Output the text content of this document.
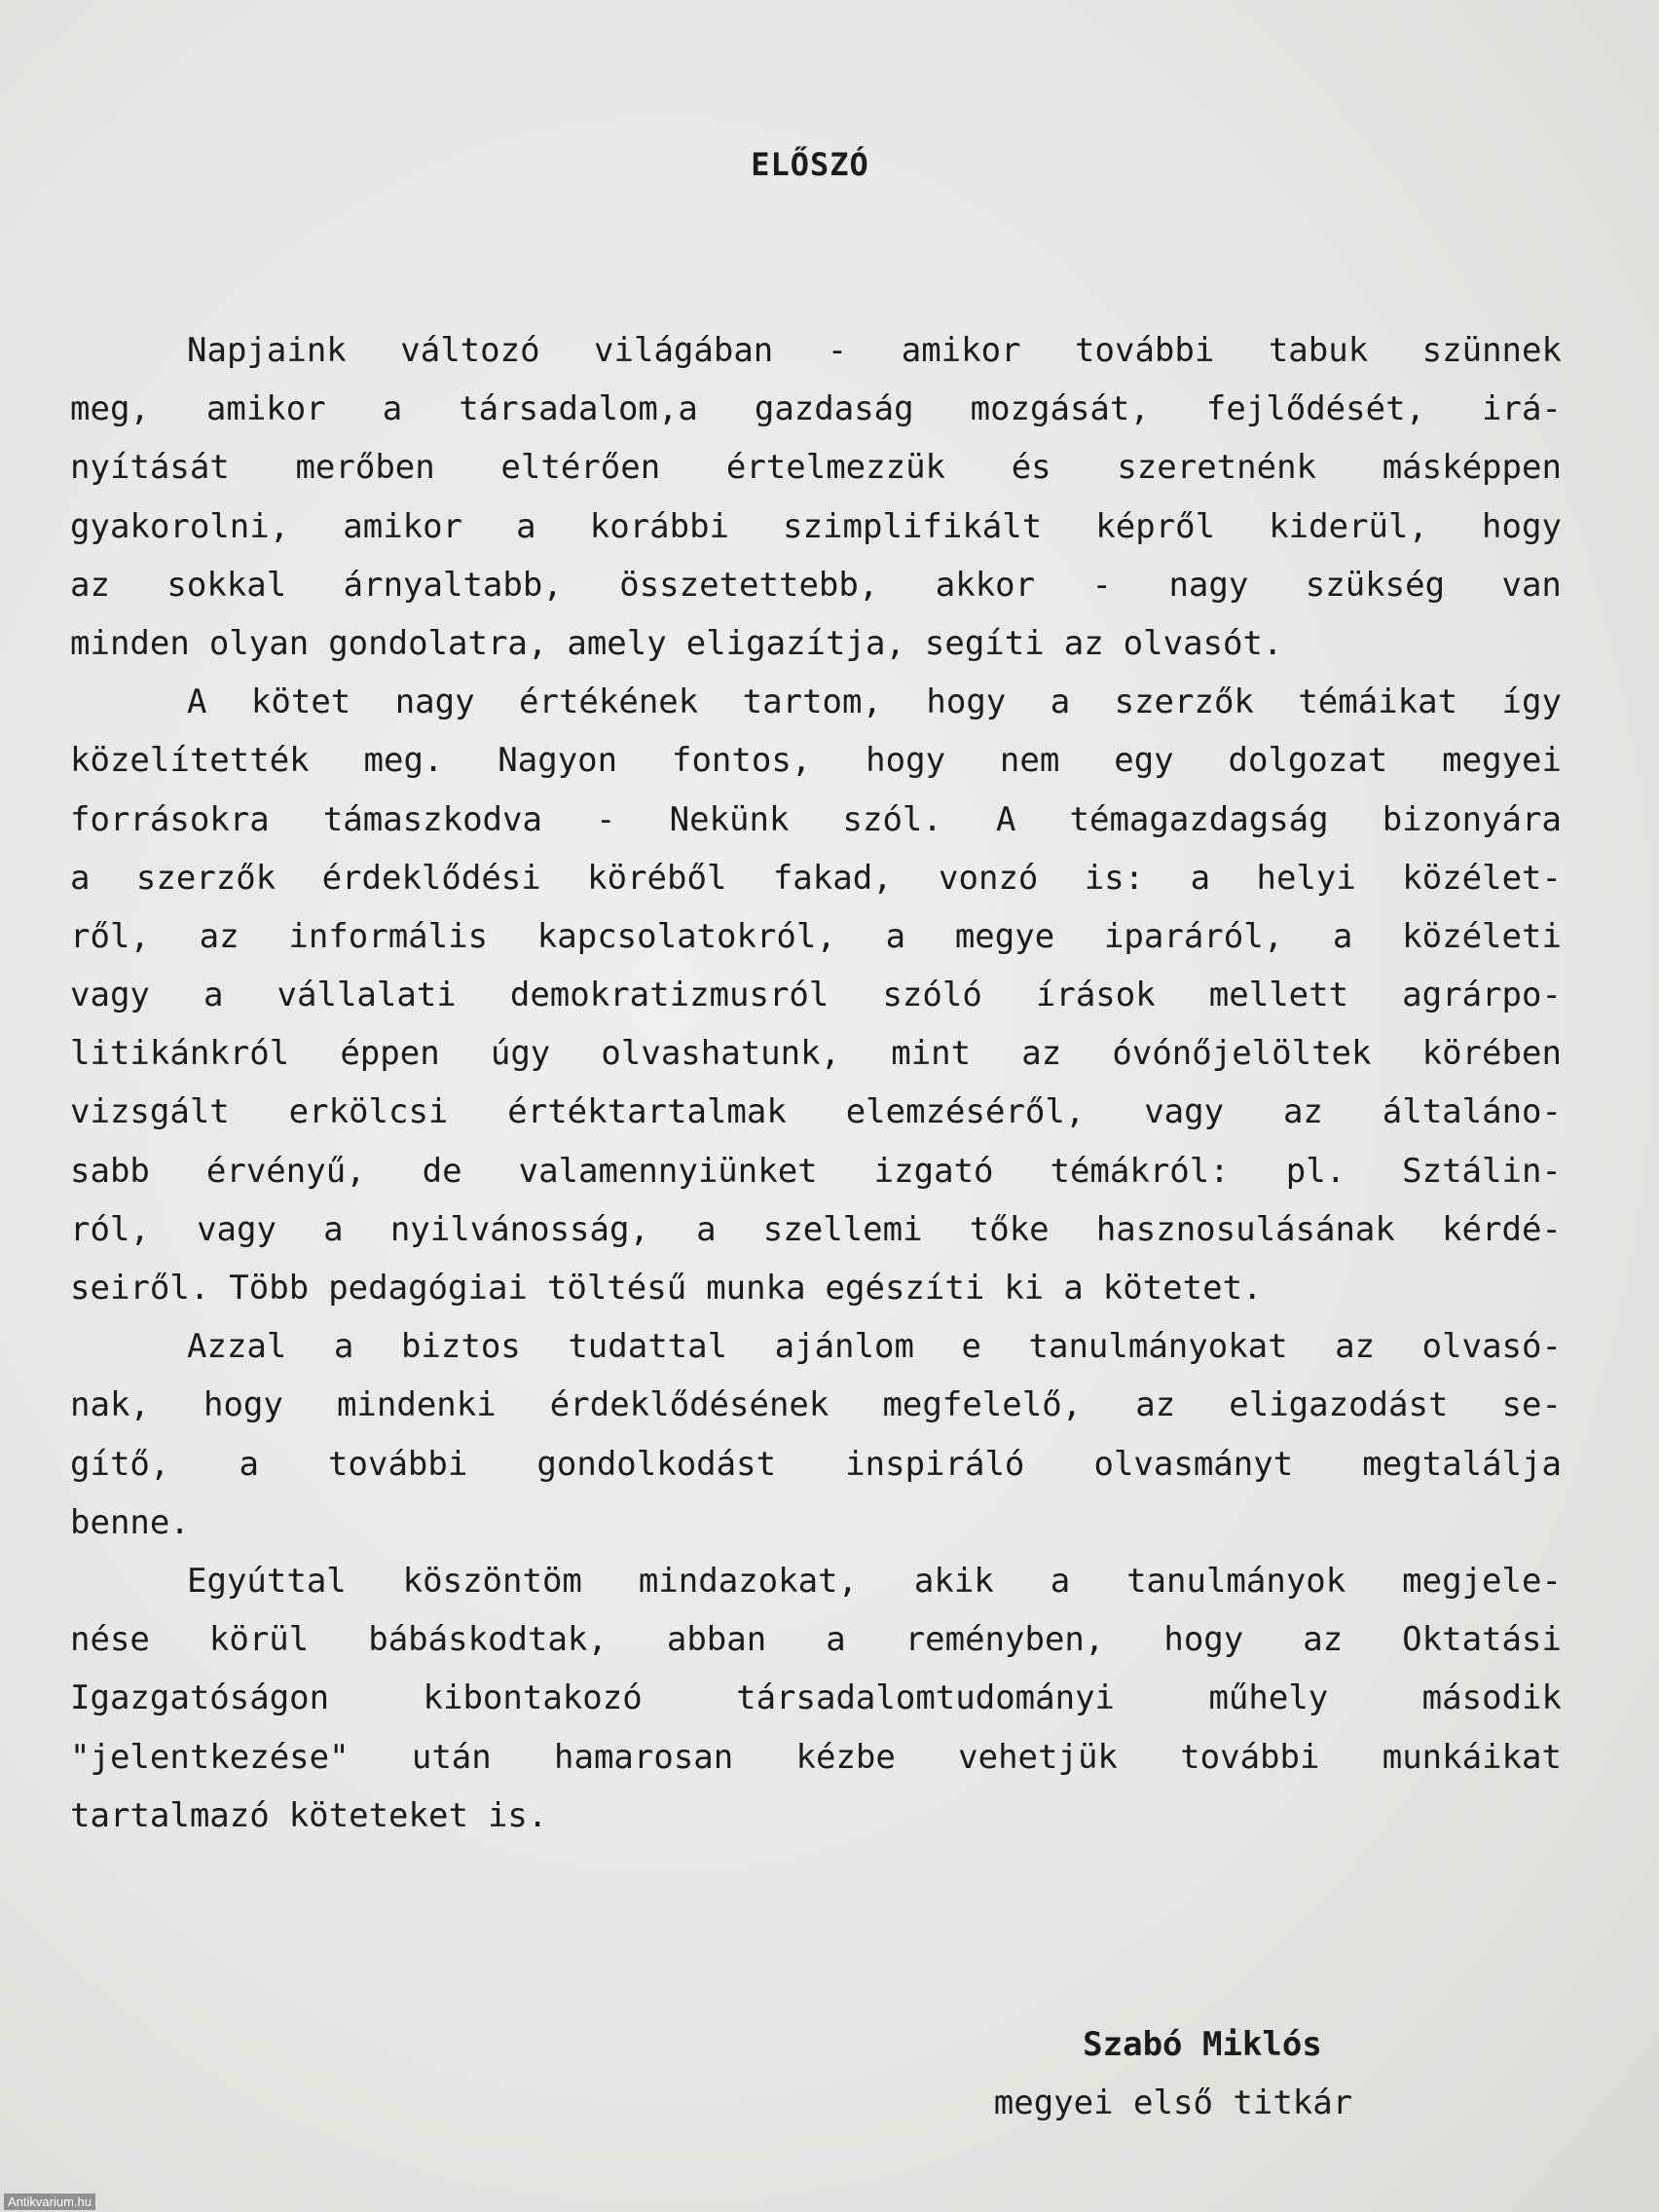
ELŐSZÓ
Napjaink változó világában - amikor további tabuk szünnek
meg, amikor a társadalom,a gazdaság mozgását, fejlődését, irá-
nyítását merőben eltérően értelmezzük és szeretnénk másképpen
gyakorolni, amikor a korábbi szimplifikált képről kiderül, hogy
az sokkal árnyaltabb, összetettebb, akkor - nagy szükség van
minden olyan gondolatra, amely eligazítja, segíti az olvasót.
A kötet nagy értékének tartom, hogy a szerzők témáikat így
közelítették meg. Nagyon fontos, hogy nem egy dolgozat megyei
forrásokra támaszkodva - Nekünk szól. A témagazdagság bizonyára
a szerzők érdeklődési köréből fakad, vonzó is: a helyi közélet-
ről, az informális kapcsolatokról, a megye iparáról, a közéleti
vagy a vállalati demokratizmusról szóló írások mellett agrárpo-
litikánkról éppen úgy olvashatunk, mint az óvónőjelöltek körében
vizsgált erkölcsi értéktartalmak elemzéséről, vagy az általáno-
sabb érvényű, de valamennyiünket izgató témákról: pl. Sztálin-
ról, vagy a nyilvánosság, a szellemi tőke hasznosulásának kérdé-
seiről. Több pedagógiai töltésű munka egészíti ki a kötetet.
Azzal a biztos tudattal ajánlom e tanulmányokat az olvasó-
nak, hogy mindenki érdeklődésének megfelelő, az eligazodást se-
gítő, a további gondolkodást inspiráló olvasmányt megtalálja
benne.
Egyúttal köszöntöm mindazokat, akik a tanulmányok megjele-
nése körül bábáskodtak, abban a reményben, hogy az Oktatási
Igazgatóságon	kibontakozó	társadalomtudományi	műhely	második
"jelentkezése" után hamarosan kézbe vehetjük további munkáikat
tartalmazó köteteket is.
Szabó Miklós
megyei első titkár
Antikvarium.hu
